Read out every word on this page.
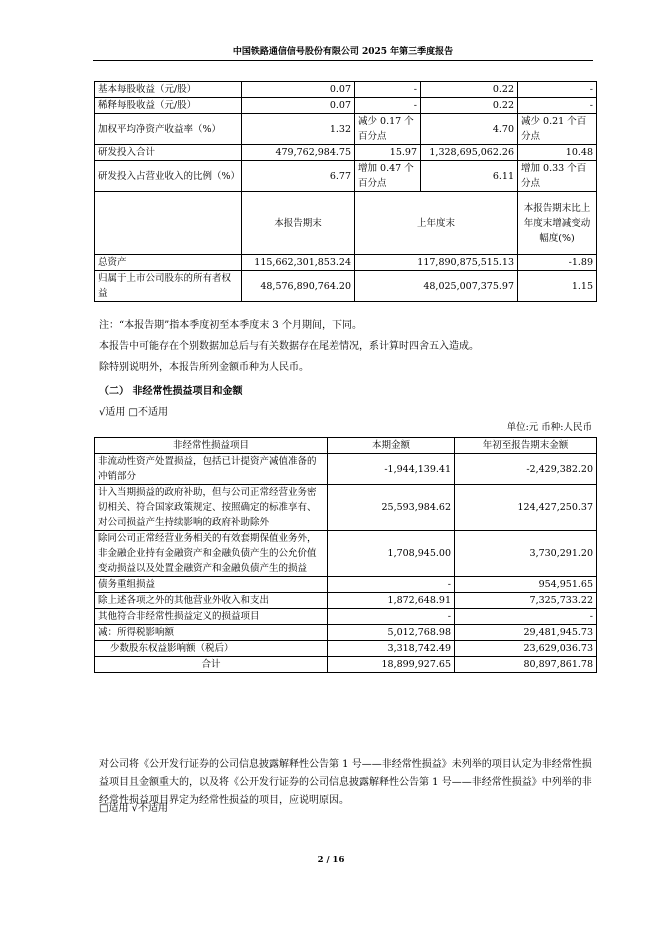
中国铁路通信信号股份有限公司 2025 年第三季度报告
基本每股收益（元/股）	0.07	-	0.22	-
稀释每股收益（元/股）	0.07	-	0.22	-
加权平均净资产收益率（%）	1.32	减少 0.17 个百分点	4.70	减少 0.21 个百分点
研发投入合计	479,762,984.75	15.97	1,328,695,062.26	10.48
研发投入占营业收入的比例（%）	6.77	增加 0.47 个百分点	6.11	增加 0.33 个百分点
	本报告期末	上年度末		本报告期末比上年度末增减变动幅度(%)
总资产	115,662,301,853.24	117,890,875,515.13		-1.89
归属于上市公司股东的所有者权益	48,576,890,764.20	48,025,007,375.97		1.15
注：“本报告期”指本季度初至本季度末 3 个月期间，下同。
本报告中可能存在个别数据加总后与有关数据存在尾差情况，系计算时四舍五入造成。
除特别说明外，本报告所列金额币种为人民币。
（二） 非经常性损益项目和金额
√适用 □不适用
单位:元 币种:人民币
非经常性损益项目	本期金额	年初至报告期末金额
非流动性资产处置损益，包括已计提资产减值准备的冲销部分	-1,944,139.41	-2,429,382.20
计入当期损益的政府补助，但与公司正常经营业务密切相关、符合国家政策规定、按照确定的标准享有、对公司损益产生持续影响的政府补助除外	25,593,984.62	124,427,250.37
除同公司正常经营业务相关的有效套期保值业务外，非金融企业持有金融资产和金融负债产生的公允价值变动损益以及处置金融资产和金融负债产生的损益	1,708,945.00	3,730,291.20
债务重组损益	-	954,951.65
除上述各项之外的其他营业外收入和支出	1,872,648.91	7,325,733.22
其他符合非经常性损益定义的损益项目	-	-
减：所得税影响额	5,012,768.98	29,481,945.73
少数股东权益影响额（税后）	3,318,742.49	23,629,036.73
合计	18,899,927.65	80,897,861.78
对公司将《公开发行证券的公司信息披露解释性公告第 1 号——非经常性损益》未列举的项目认定为非经常性损益项目且金额重大的，以及将《公开发行证券的公司信息披露解释性公告第 1 号——非经常性损益》中列举的非经常性损益项目界定为经常性损益的项目，应说明原因。
□适用 √不适用
2 / 16
